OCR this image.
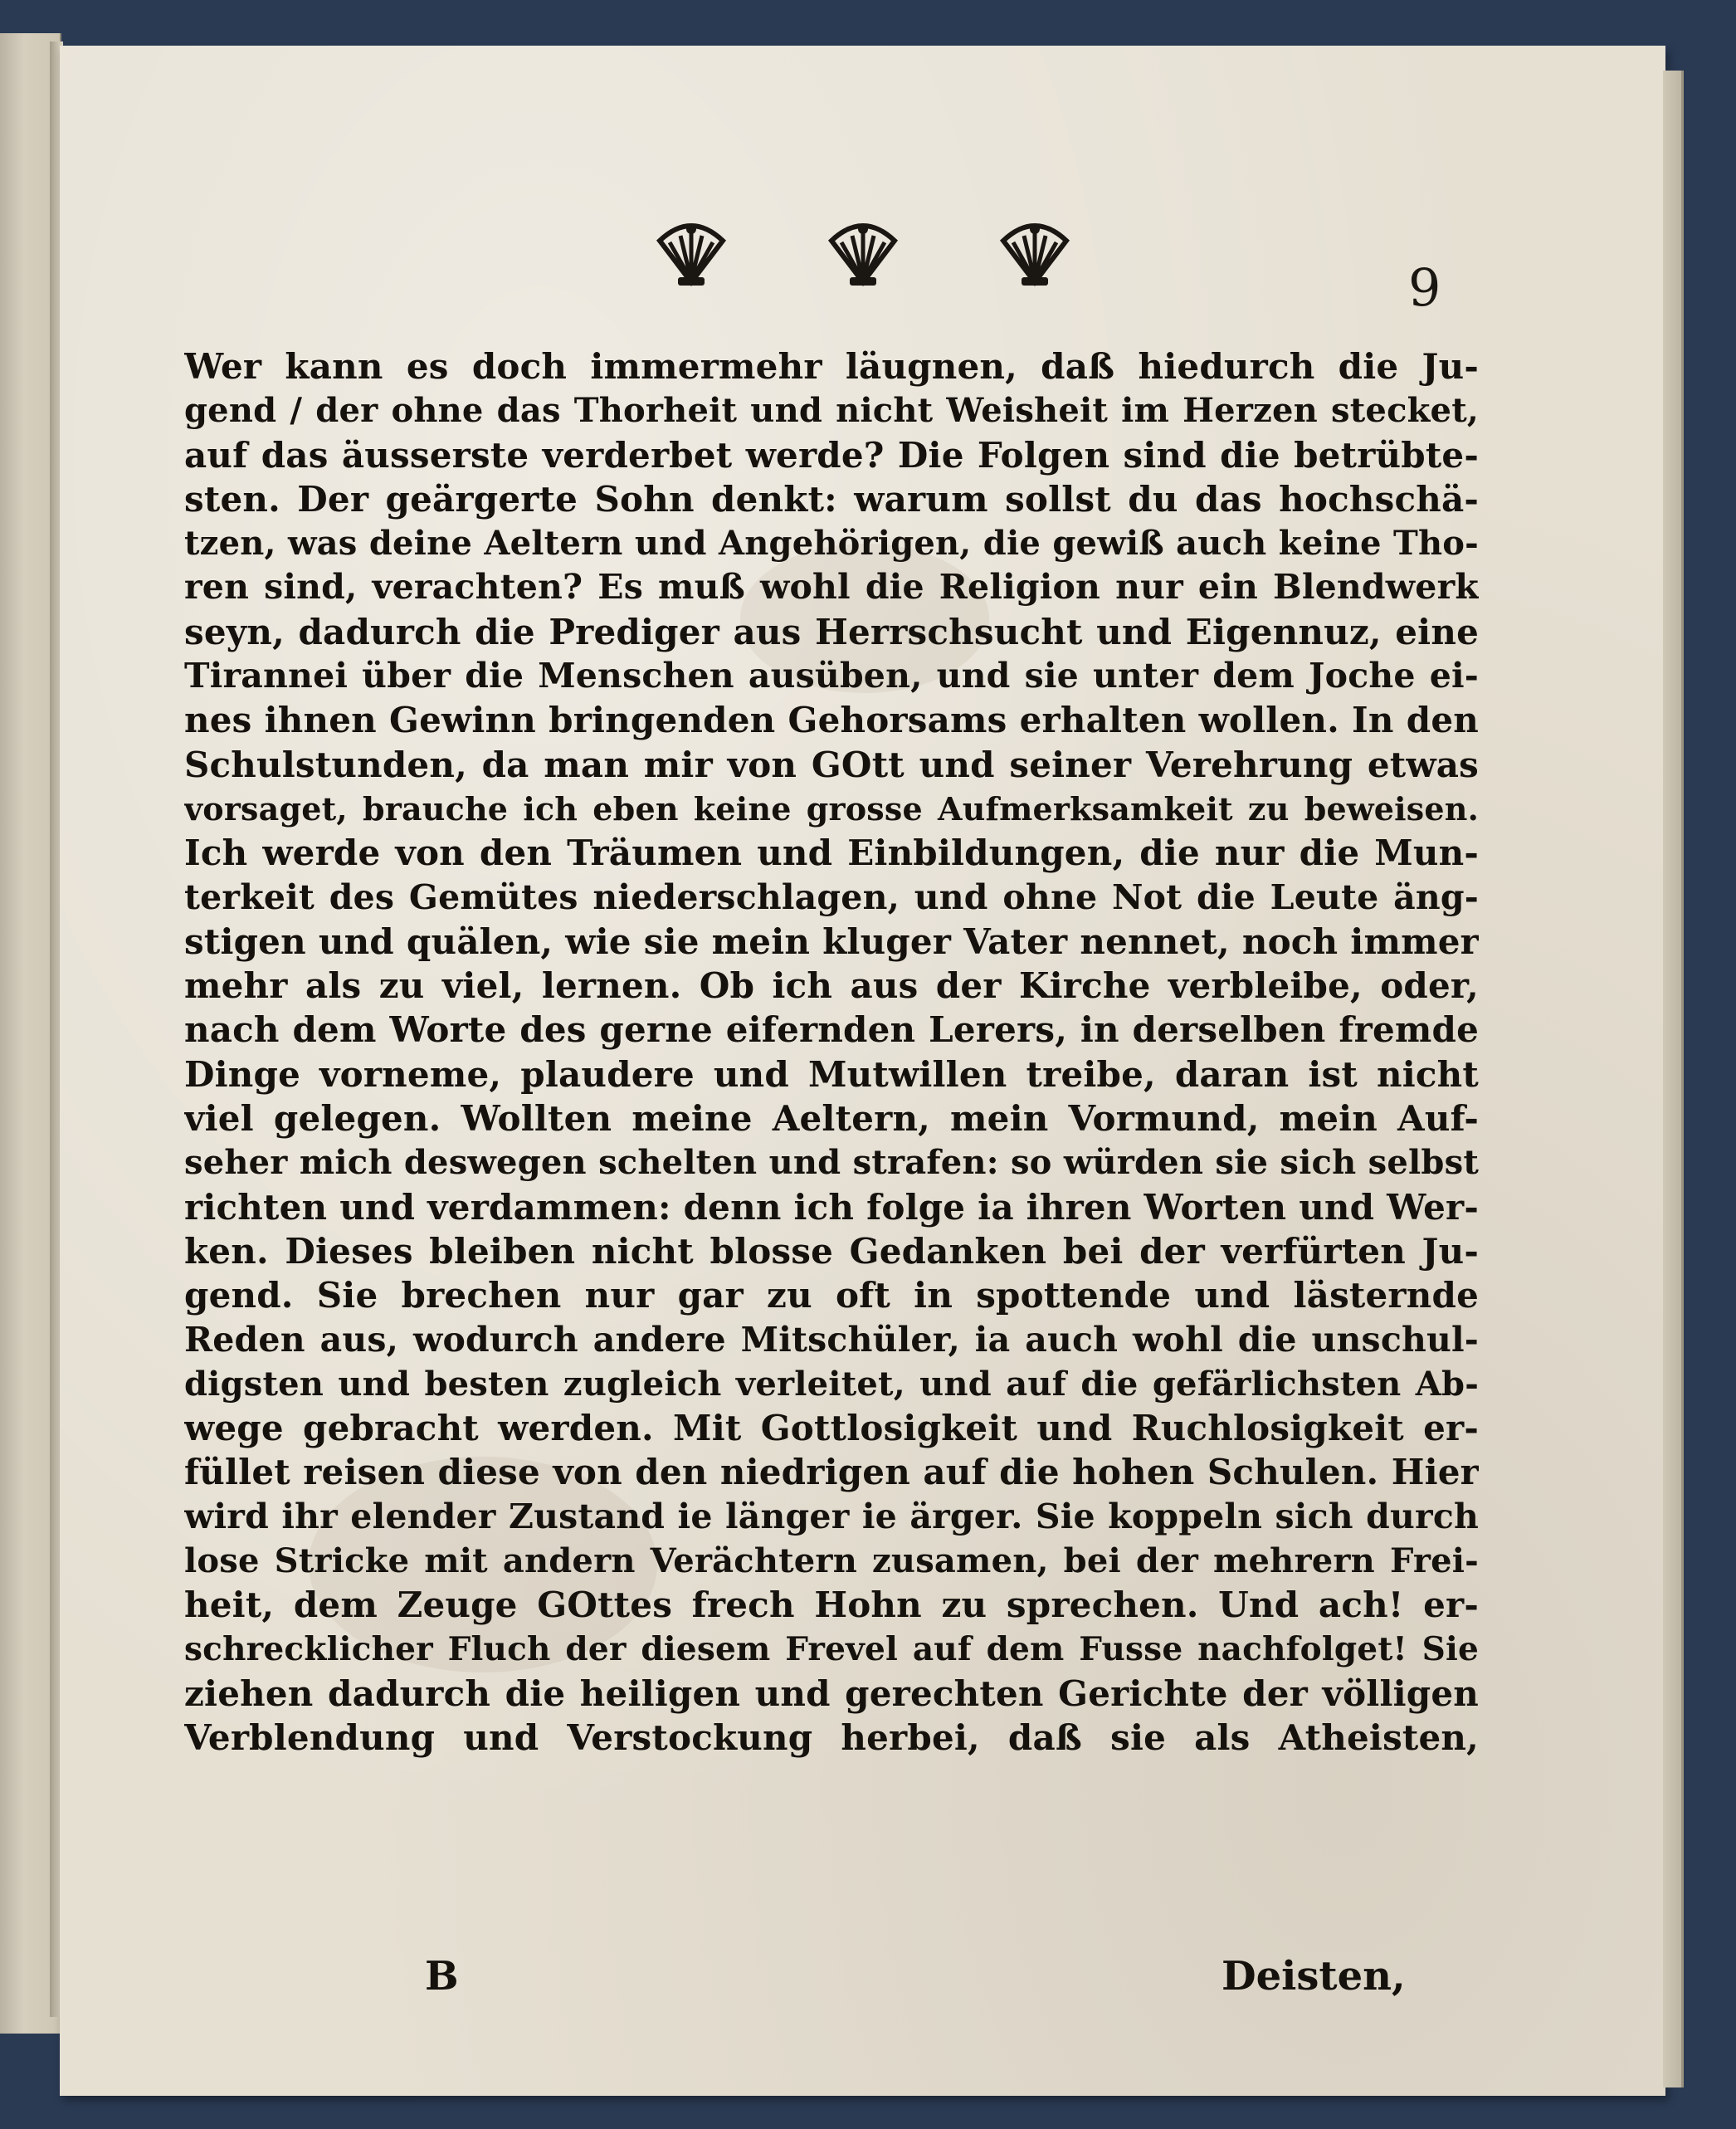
9
Wer kann es doch immermehr läugnen, daß hiedurch die Ju-
gend / der ohne das Thorheit und nicht Weisheit im Herzen stecket,
auf das äusserste verderbet werde? Die Folgen sind die betrübte-
sten. Der geärgerte Sohn denkt: warum sollst du das hochschä-
tzen, was deine Aeltern und Angehörigen, die gewiß auch keine Tho-
ren sind, verachten? Es muß wohl die Religion nur ein Blendwerk
seyn, dadurch die Prediger aus Herrschsucht und Eigennuz, eine
Tirannei über die Menschen ausüben, und sie unter dem Joche ei-
nes ihnen Gewinn bringenden Gehorsams erhalten wollen. In den
Schulstunden, da man mir von GOtt und seiner Verehrung etwas
vorsaget, brauche ich eben keine grosse Aufmerksamkeit zu beweisen.
Ich werde von den Träumen und Einbildungen, die nur die Mun-
terkeit des Gemütes niederschlagen, und ohne Not die Leute äng-
stigen und quälen, wie sie mein kluger Vater nennet, noch immer
mehr als zu viel, lernen. Ob ich aus der Kirche verbleibe, oder,
nach dem Worte des gerne eifernden Lerers, in derselben fremde
Dinge vorneme, plaudere und Mutwillen treibe, daran ist nicht
viel gelegen. Wollten meine Aeltern, mein Vormund, mein Auf-
seher mich deswegen schelten und strafen: so würden sie sich selbst
richten und verdammen: denn ich folge ia ihren Worten und Wer-
ken. Dieses bleiben nicht blosse Gedanken bei der verfürten Ju-
gend. Sie brechen nur gar zu oft in spottende und lästernde
Reden aus, wodurch andere Mitschüler, ia auch wohl die unschul-
digsten und besten zugleich verleitet, und auf die gefärlichsten Ab-
wege gebracht werden. Mit Gottlosigkeit und Ruchlosigkeit er-
füllet reisen diese von den niedrigen auf die hohen Schulen. Hier
wird ihr elender Zustand ie länger ie ärger. Sie koppeln sich durch
lose Stricke mit andern Verächtern zusamen, bei der mehrern Frei-
heit, dem Zeuge GOttes frech Hohn zu sprechen. Und ach! er-
schrecklicher Fluch der diesem Frevel auf dem Fusse nachfolget! Sie
ziehen dadurch die heiligen und gerechten Gerichte der völligen
Verblendung und Verstockung herbei, daß sie als Atheisten,
B	Deisten,
